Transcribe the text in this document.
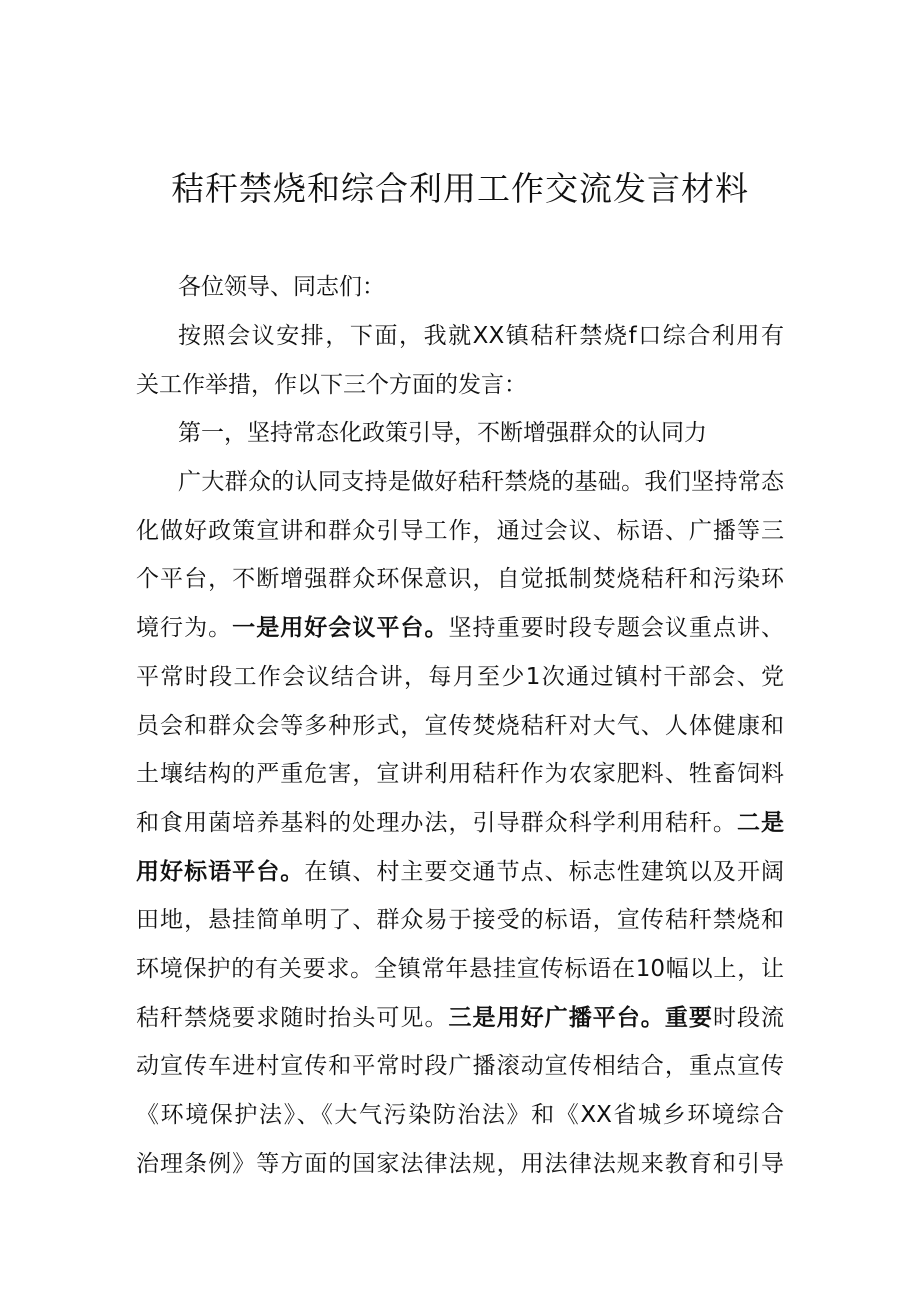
秸秆禁烧和综合利用工作交流发言材料
各位领导、同志们：
按照会议安排，下面，我就XX镇秸秆禁烧f口综合利用有
关工作举措，作以下三个方面的发言：
第一，坚持常态化政策引导，不断增强群众的认同力
广大群众的认同支持是做好秸秆禁烧的基础。我们坚持常态
化做好政策宣讲和群众引导工作，通过会议、标语、广播等三
个平台，不断增强群众环保意识，自觉抵制焚烧秸秆和污染环
境行为。一是用好会议平台。坚持重要时段专题会议重点讲、
平常时段工作会议结合讲，每月至少1次通过镇村干部会、党
员会和群众会等多种形式，宣传焚烧秸秆对大气、人体健康和
土壤结构的严重危害，宣讲利用秸秆作为农家肥料、牲畜饲料
和食用菌培养基料的处理办法，引导群众科学利用秸秆。二是
用好标语平台。在镇、村主要交通节点、标志性建筑以及开阔
田地，悬挂简单明了、群众易于接受的标语，宣传秸秆禁烧和
环境保护的有关要求。全镇常年悬挂宣传标语在10幅以上，让
秸秆禁烧要求随时抬头可见。三是用好广播平台。重要时段流
动宣传车进村宣传和平常时段广播滚动宣传相结合，重点宣传
《环境保护法》、《大气污染防治法》和《XX省城乡环境综合
治理条例》等方面的国家法律法规，用法律法规来教育和引导
